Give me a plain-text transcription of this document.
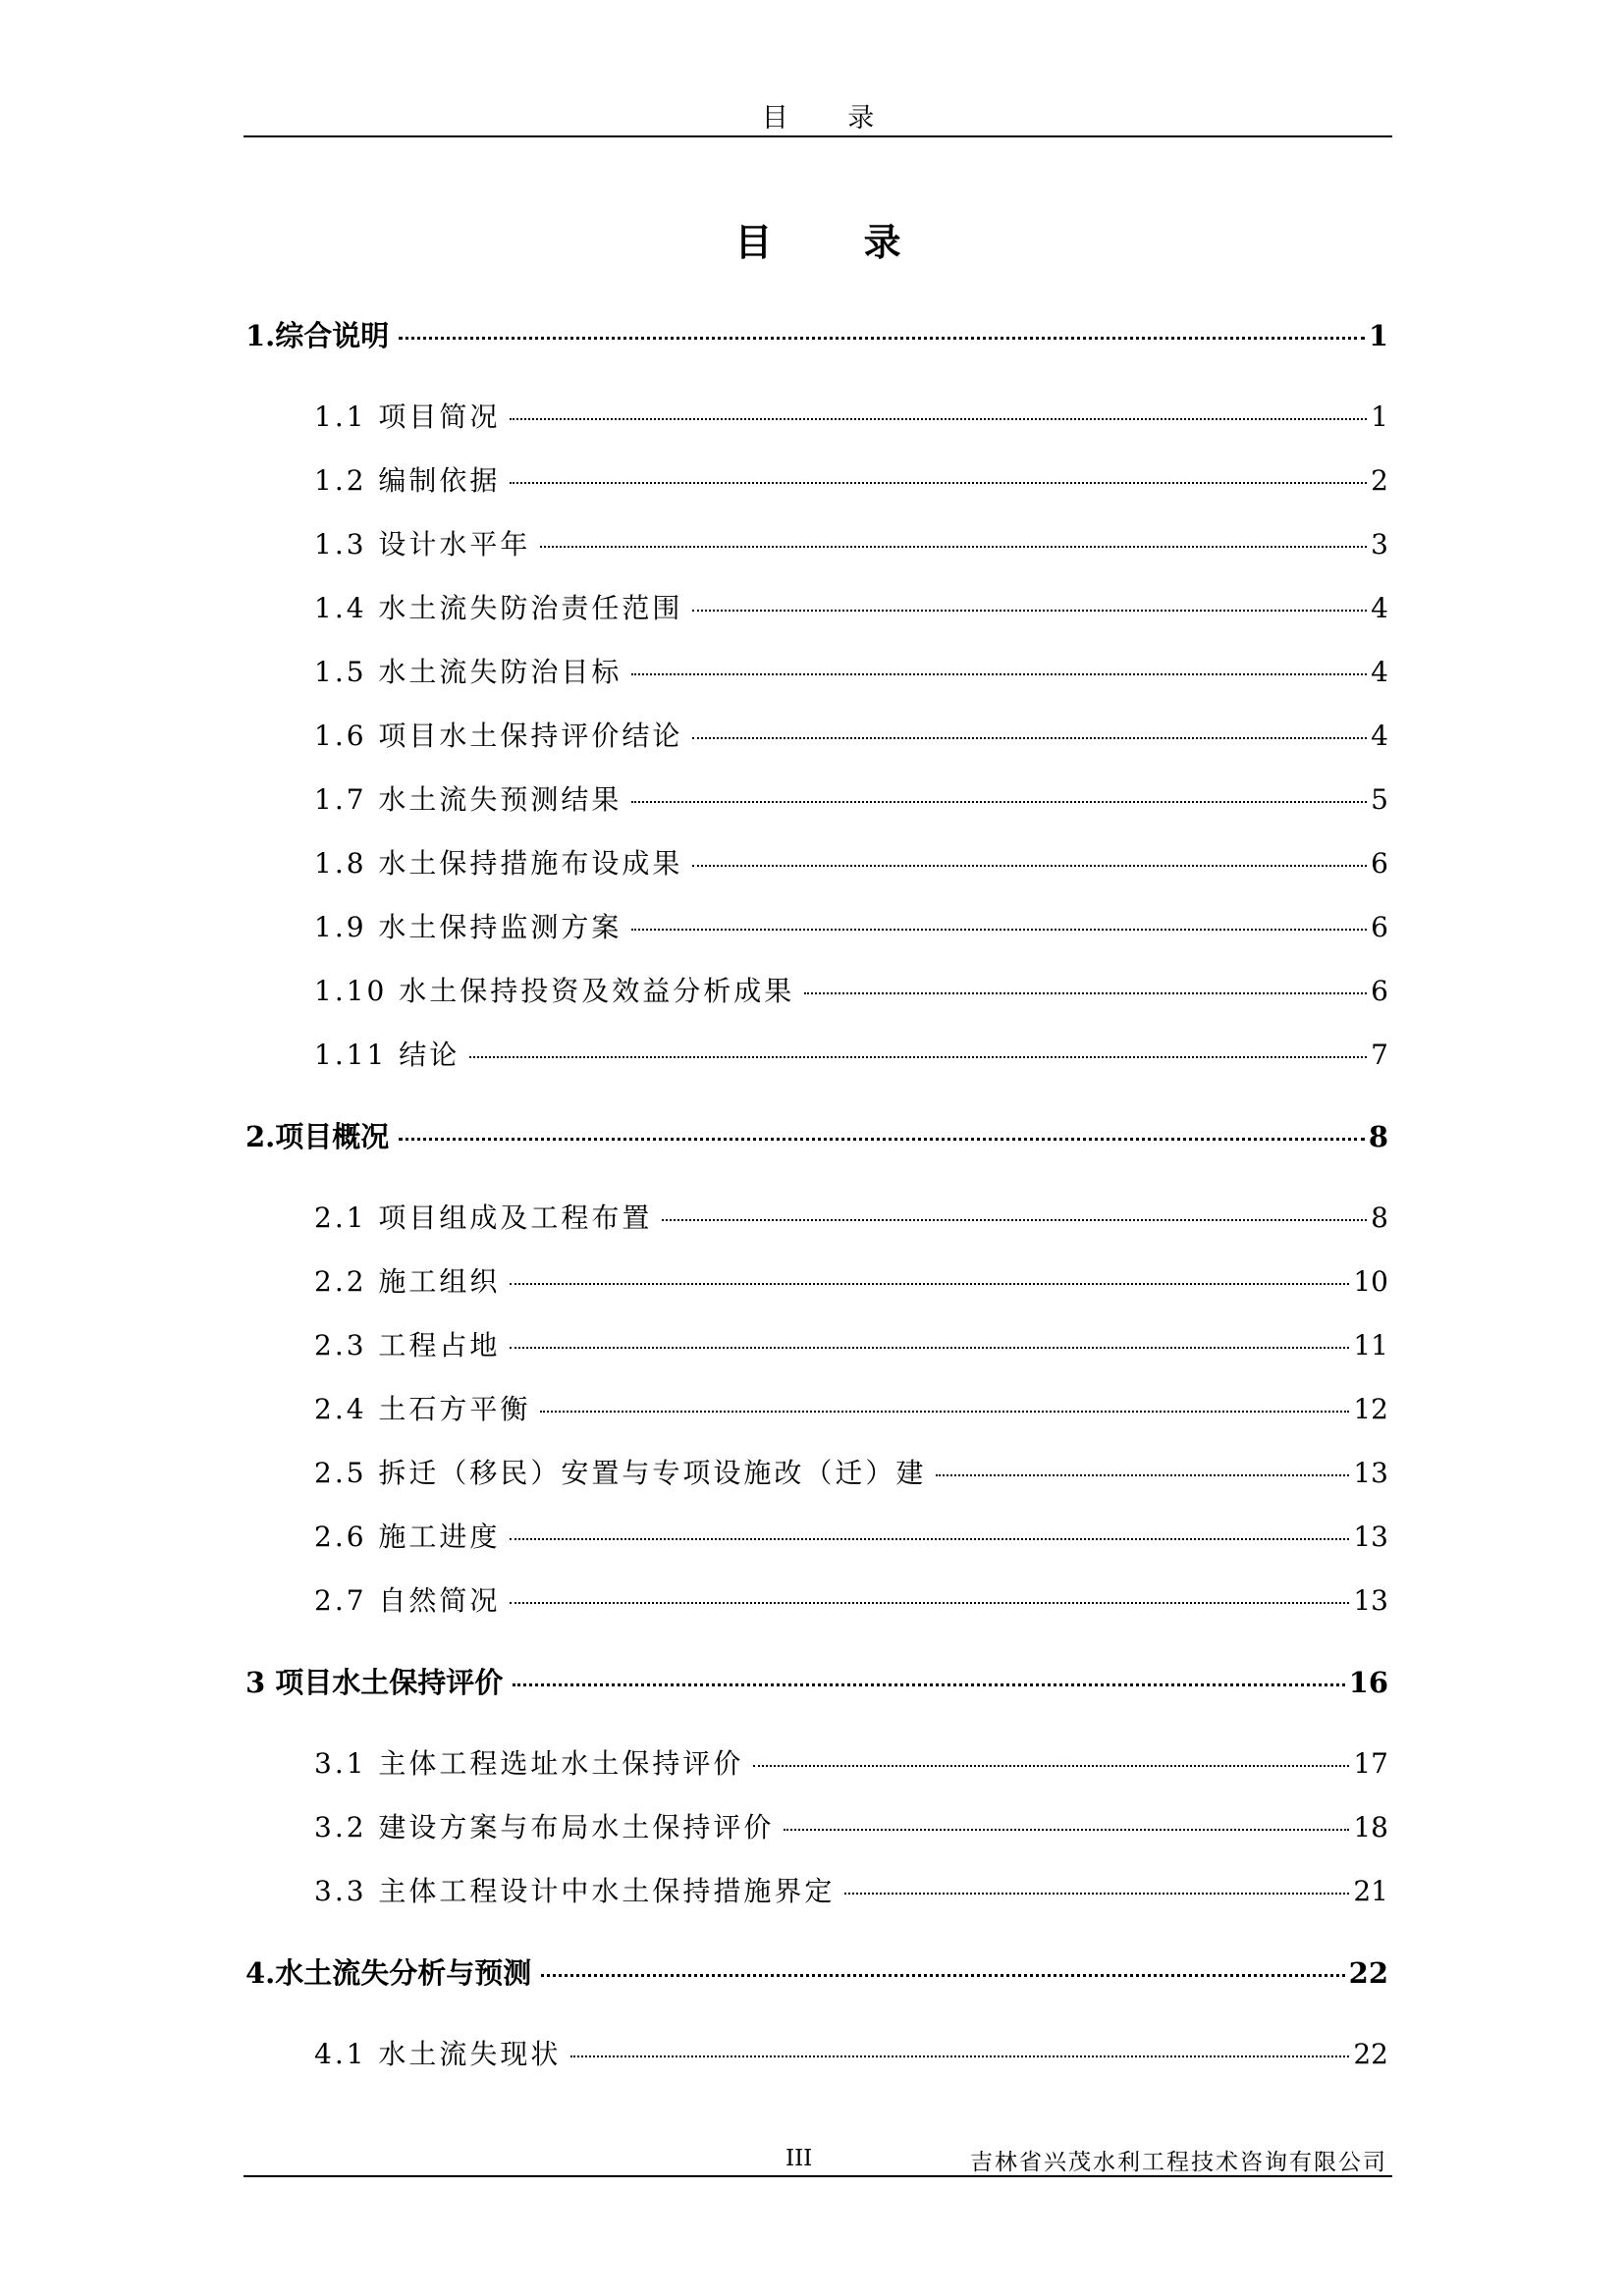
目 录
目 录
1.综合说明	1
1.1 项目简况	1
1.2 编制依据	2
1.3 设计水平年	3
1.4 水土流失防治责任范围	4
1.5 水土流失防治目标	4
1.6 项目水土保持评价结论	4
1.7 水土流失预测结果	5
1.8 水土保持措施布设成果	6
1.9 水土保持监测方案	6
1.10 水土保持投资及效益分析成果	6
1.11 结论	7
2.项目概况	8
2.1 项目组成及工程布置	8
2.2 施工组织	10
2.3 工程占地	11
2.4 土石方平衡	12
2.5 拆迁（移民）安置与专项设施改（迁）建	13
2.6 施工进度	13
2.7 自然简况	13
3 项目水土保持评价	16
3.1 主体工程选址水土保持评价	17
3.2 建设方案与布局水土保持评价	18
3.3 主体工程设计中水土保持措施界定	21
4.水土流失分析与预测	22
4.1 水土流失现状	22
III	吉林省兴茂水利工程技术咨询有限公司
